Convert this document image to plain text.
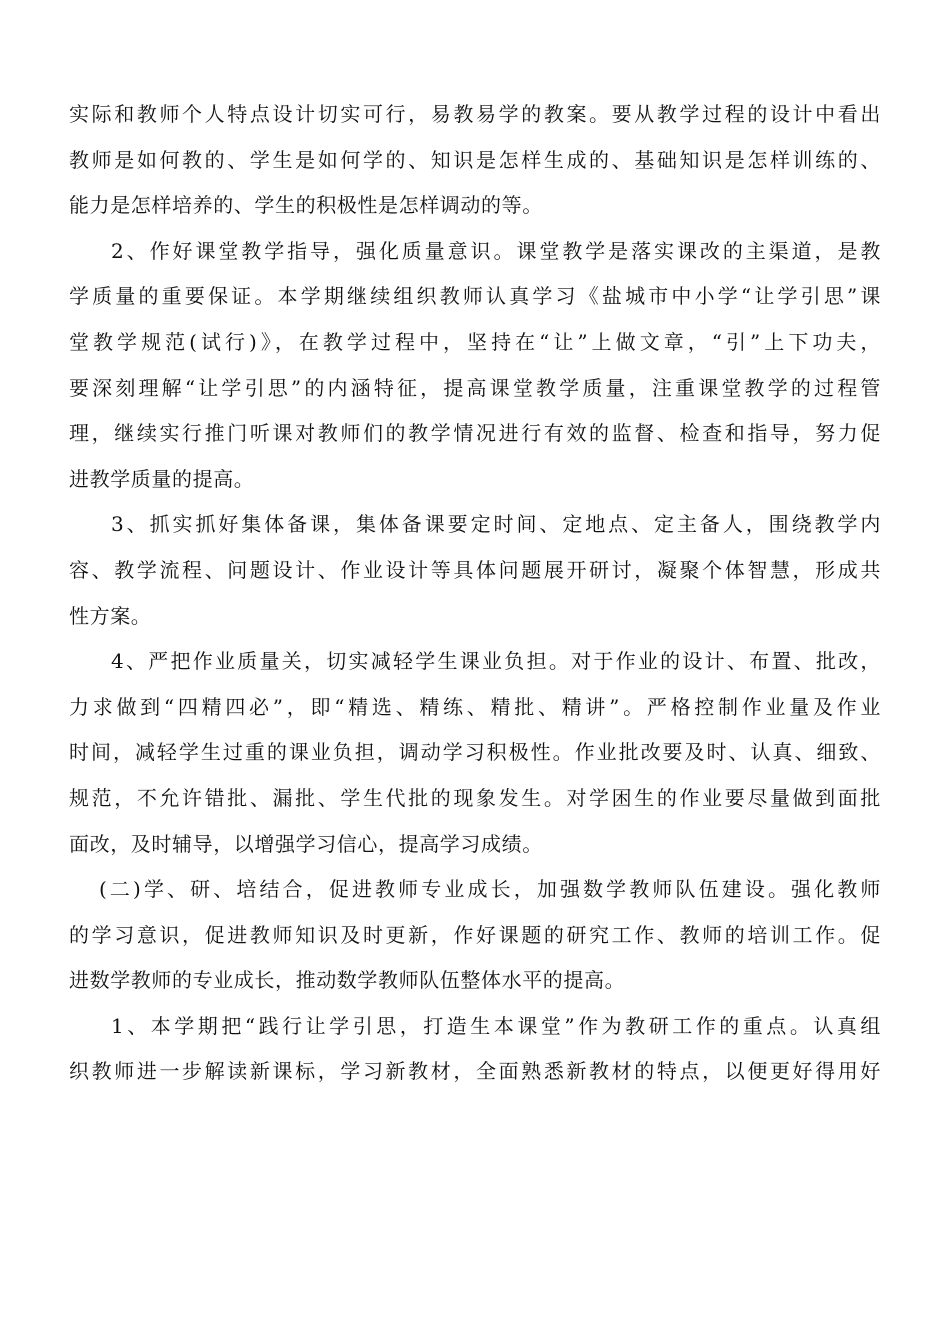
实际和教师个人特点设计切实可行，易教易学的教案。要从教学过程的设计中看出
教师是如何教的、学生是如何学的、知识是怎样生成的、基础知识是怎样训练的、
能力是怎样培养的、学生的积极性是怎样调动的等。
2、作好课堂教学指导，强化质量意识。课堂教学是落实课改的主渠道，是教
学质量的重要保证。本学期继续组织教师认真学习《盐城市中小学“让学引思”课
堂教学规范(试行)》，在教学过程中，坚持在“让”上做文章，“引”上下功夫，
要深刻理解“让学引思”的内涵特征，提高课堂教学质量，注重课堂教学的过程管
理，继续实行推门听课对教师们的教学情况进行有效的监督、检查和指导，努力促
进教学质量的提高。
3、抓实抓好集体备课，集体备课要定时间、定地点、定主备人，围绕教学内
容、教学流程、问题设计、作业设计等具体问题展开研讨，凝聚个体智慧，形成共
性方案。
4、严把作业质量关，切实减轻学生课业负担。对于作业的设计、布置、批改，
力求做到“四精四必”，即“精选、精练、精批、精讲”。严格控制作业量及作业
时间，减轻学生过重的课业负担，调动学习积极性。作业批改要及时、认真、细致、
规范，不允许错批、漏批、学生代批的现象发生。对学困生的作业要尽量做到面批
面改，及时辅导，以增强学习信心，提高学习成绩。
(二)学、研、培结合，促进教师专业成长，加强数学教师队伍建设。强化教师
的学习意识，促进教师知识及时更新，作好课题的研究工作、教师的培训工作。促
进数学教师的专业成长，推动数学教师队伍整体水平的提高。
1、本学期把“践行让学引思，打造生本课堂”作为教研工作的重点。认真组
织教师进一步解读新课标，学习新教材，全面熟悉新教材的特点，以便更好得用好
